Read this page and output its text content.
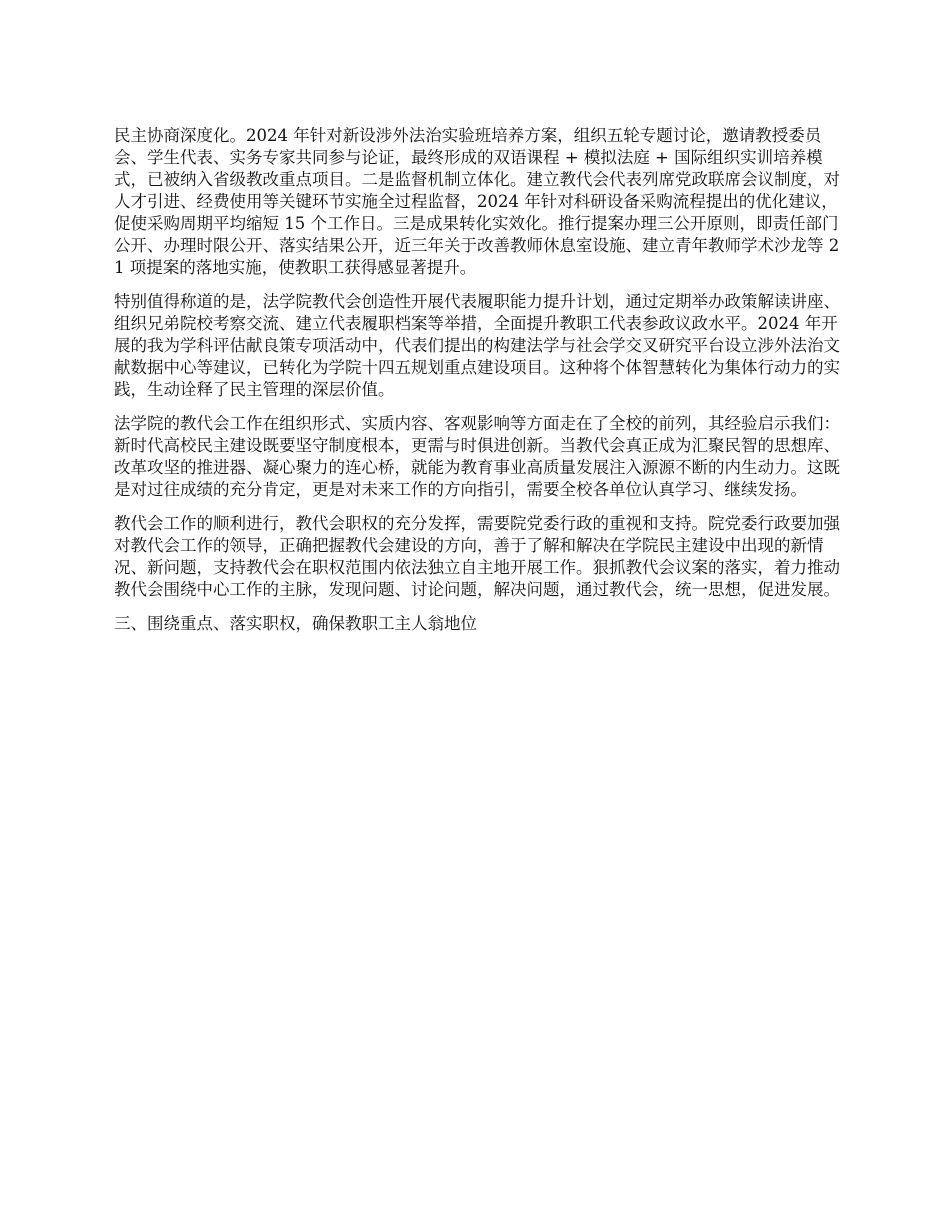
民主协商深度化。2024 年针对新设涉外法治实验班培养方案，组织五轮专题讨论，邀请教授委员会、学生代表、实务专家共同参与论证，最终形成的双语课程 + 模拟法庭 + 国际组织实训培养模式，已被纳入省级教改重点项目。二是监督机制立体化。建立教代会代表列席党政联席会议制度，对人才引进、经费使用等关键环节实施全过程监督，2024 年针对科研设备采购流程提出的优化建议，促使采购周期平均缩短 15 个工作日。三是成果转化实效化。推行提案办理三公开原则，即责任部门公开、办理时限公开、落实结果公开，近三年关于改善教师休息室设施、建立青年教师学术沙龙等 21 项提案的落地实施，使教职工获得感显著提升。

特别值得称道的是，法学院教代会创造性开展代表履职能力提升计划，通过定期举办政策解读讲座、组织兄弟院校考察交流、建立代表履职档案等举措，全面提升教职工代表参政议政水平。2024 年开展的我为学科评估献良策专项活动中，代表们提出的构建法学与社会学交叉研究平台设立涉外法治文献数据中心等建议，已转化为学院十四五规划重点建设项目。这种将个体智慧转化为集体行动力的实践，生动诠释了民主管理的深层价值。

法学院的教代会工作在组织形式、实质内容、客观影响等方面走在了全校的前列，其经验启示我们：新时代高校民主建设既要坚守制度根本，更需与时俱进创新。当教代会真正成为汇聚民智的思想库、改革攻坚的推进器、凝心聚力的连心桥，就能为教育事业高质量发展注入源源不断的内生动力。这既是对过往成绩的充分肯定，更是对未来工作的方向指引，需要全校各单位认真学习、继续发扬。

教代会工作的顺利进行，教代会职权的充分发挥，需要院党委行政的重视和支持。院党委行政要加强对教代会工作的领导，正确把握教代会建设的方向，善于了解和解决在学院民主建设中出现的新情况、新问题，支持教代会在职权范围内依法独立自主地开展工作。狠抓教代会议案的落实，着力推动教代会围绕中心工作的主脉，发现问题、讨论问题，解决问题，通过教代会，统一思想，促进发展。

三、围绕重点、落实职权，确保教职工主人翁地位
